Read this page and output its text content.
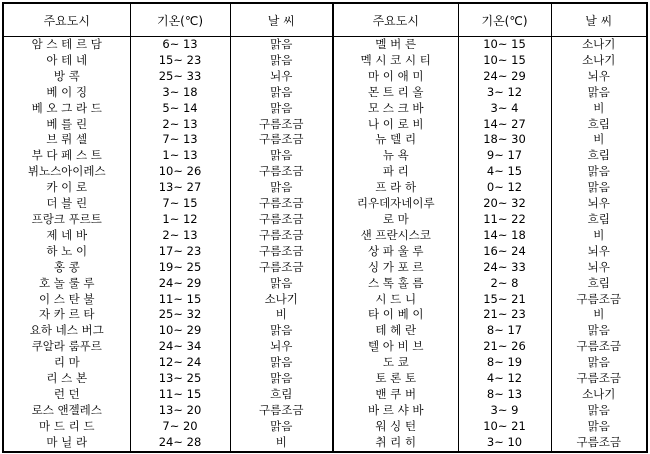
주요도시	기온(℃)	날 씨	주요도시	기온(℃)	날 씨
암 스 테 르 담	6~ 13	맑음	멜 버 른	10~ 15	소나기
아 테 네	15~ 23	맑음	멕 시 코 시 티	10~ 15	소나기
방 콕	25~ 33	뇌우	마 이 애 미	24~ 29	뇌우
베 이 징	3~ 18	맑음	몬 트 리 올	3~ 12	맑음
베 오 그 라 드	5~ 14	맑음	모 스 크 바	3~ 4	비
베 를 린	2~ 13	구름조금	나 이 로 비	14~ 27	흐림
브 뤼 셀	7~ 13	구름조금	뉴 델 리	18~ 30	비
부 다 페 스 트	1~ 13	맑음	뉴 욕	9~ 17	흐림
뷔노스아이레스	10~ 26	구름조금	파 리	4~ 15	맑음
카 이 로	13~ 27	맑음	프 라 하	0~ 12	맑음
더 블 린	7~ 15	구름조금	리우데자네이루	20~ 32	뇌우
프랑크 푸르트	1~ 12	구름조금	로 마	11~ 22	흐림
제 네 바	2~ 13	구름조금	샌 프란시스코	14~ 18	비
하 노 이	17~ 23	구름조금	상 파 울 루	16~ 24	뇌우
홍 콩	19~ 25	구름조금	싱 가 포 르	24~ 33	뇌우
호 놀 룰 루	24~ 29	맑음	스 톡 홀 름	2~ 8	흐림
이 스 탄 불	11~ 15	소나기	시 드 니	15~ 21	구름조금
자 카 르 타	25~ 32	비	타 이 베 이	21~ 23	비
요하 네스 버그	10~ 29	맑음	테 헤 란	8~ 17	맑음
쿠알라 룸푸르	24~ 34	뇌우	텔 아 비 브	21~ 26	구름조금
리 마	12~ 24	맑음	도 쿄	8~ 19	맑음
리 스 본	13~ 25	맑음	토 론 토	4~ 12	구름조금
런 던	11~ 15	흐림	밴 쿠 버	8~ 13	소나기
로스 앤젤레스	13~ 20	구름조금	바 르 샤 바	3~ 9	맑음
마 드 리 드	7~ 20	맑음	워 싱 턴	10~ 21	맑음
마 닐 라	24~ 28	비	취 리 히	3~ 10	구름조금
